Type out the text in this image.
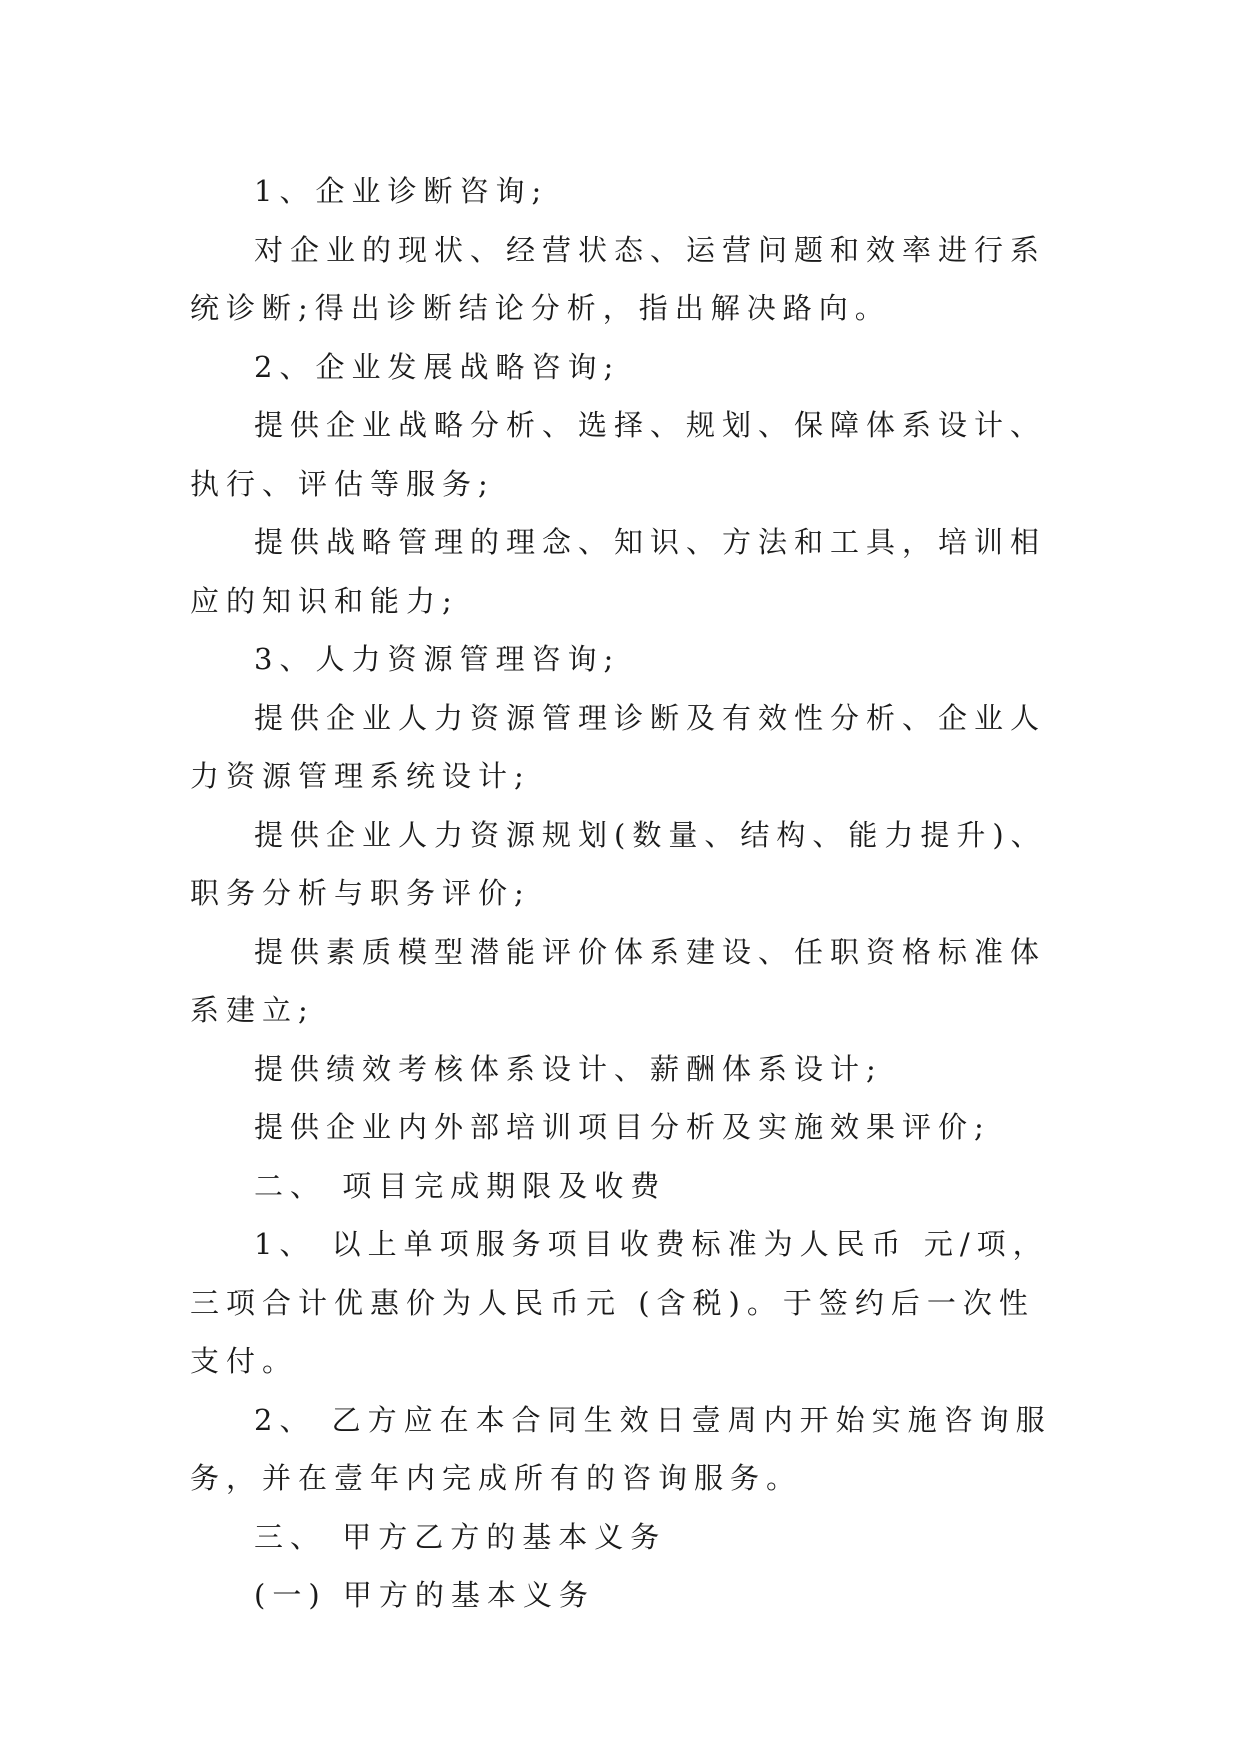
1、企业诊断咨询;

对企业的现状、经营状态、运营问题和效率进行系统诊断;得出诊断结论分析，指出解决路向。

2、企业发展战略咨询;

提供企业战略分析、选择、规划、保障体系设计、执行、评估等服务;

提供战略管理的理念、知识、方法和工具，培训相应的知识和能力;

3、人力资源管理咨询;

提供企业人力资源管理诊断及有效性分析、企业人力资源管理系统设计;

提供企业人力资源规划(数量、结构、能力提升)、职务分析与职务评价;

提供素质模型潜能评价体系建设、任职资格标准体系建立;

提供绩效考核体系设计、薪酬体系设计;

提供企业内外部培训项目分析及实施效果评价;

二、 项目完成期限及收费

1、 以上单项服务项目收费标准为人民币 元/项，三项合计优惠价为人民币元 (含税)。于签约后一次性支付。

2、 乙方应在本合同生效日壹周内开始实施咨询服务，并在壹年内完成所有的咨询服务。

三、 甲方乙方的基本义务

(一) 甲方的基本义务
